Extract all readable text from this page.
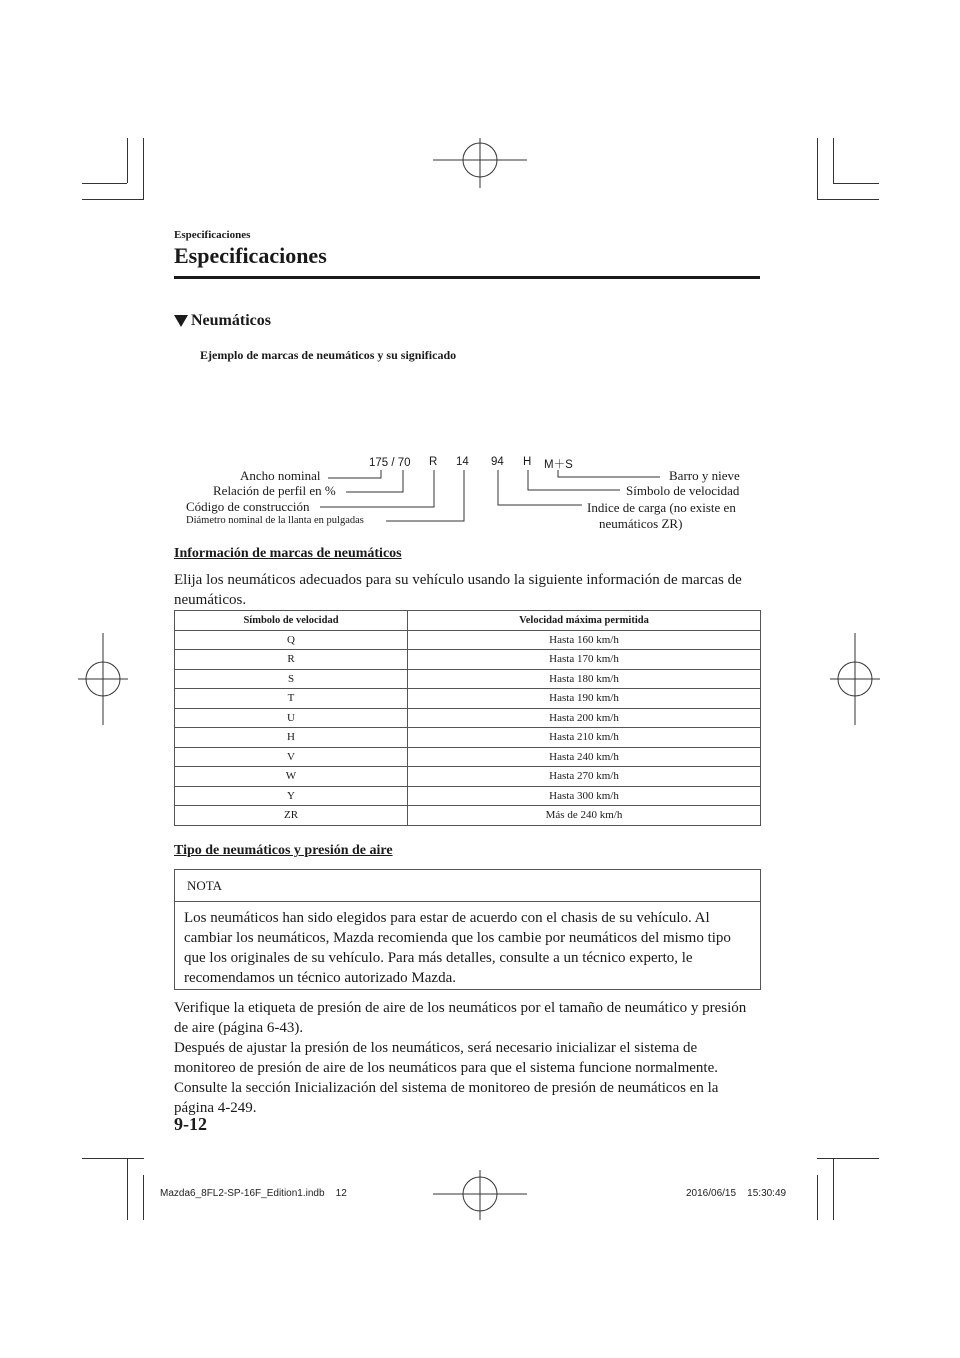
Especificaciones
Especificaciones
Neumáticos
Ejemplo de marcas de neumáticos y su significado
175 / 70 R 14 94 H M＋S
Ancho nominal
Relación de perfil en %
Código de construcción
Diámetro nominal de la llanta en pulgadas
Barro y nieve
Símbolo de velocidad
Indice de carga (no existe en
neumáticos ZR)
Información de marcas de neumáticos
Elija los neumáticos adecuados para su vehículo usando la siguiente información de marcas de neumáticos.
Símbolo de velocidad	Velocidad máxima permitida
Q	Hasta 160 km/h
R	Hasta 170 km/h
S	Hasta 180 km/h
T	Hasta 190 km/h
U	Hasta 200 km/h
H	Hasta 210 km/h
V	Hasta 240 km/h
W	Hasta 270 km/h
Y	Hasta 300 km/h
ZR	Más de 240 km/h
Tipo de neumáticos y presión de aire
NOTA
Los neumáticos han sido elegidos para estar de acuerdo con el chasis de su vehículo. Al cambiar los neumáticos, Mazda recomienda que los cambie por neumáticos del mismo tipo que los originales de su vehículo. Para más detalles, consulte a un técnico experto, le recomendamos un técnico autorizado Mazda.
Verifique la etiqueta de presión de aire de los neumáticos por el tamaño de neumático y presión de aire (página 6-43).
Después de ajustar la presión de los neumáticos, será necesario inicializar el sistema de monitoreo de presión de aire de los neumáticos para que el sistema funcione normalmente. Consulte la sección Inicialización del sistema de monitoreo de presión de neumáticos en la página 4-249.
9-12
Mazda6_8FL2-SP-16F_Edition1.indb    12	2016/06/15    15:30:49
